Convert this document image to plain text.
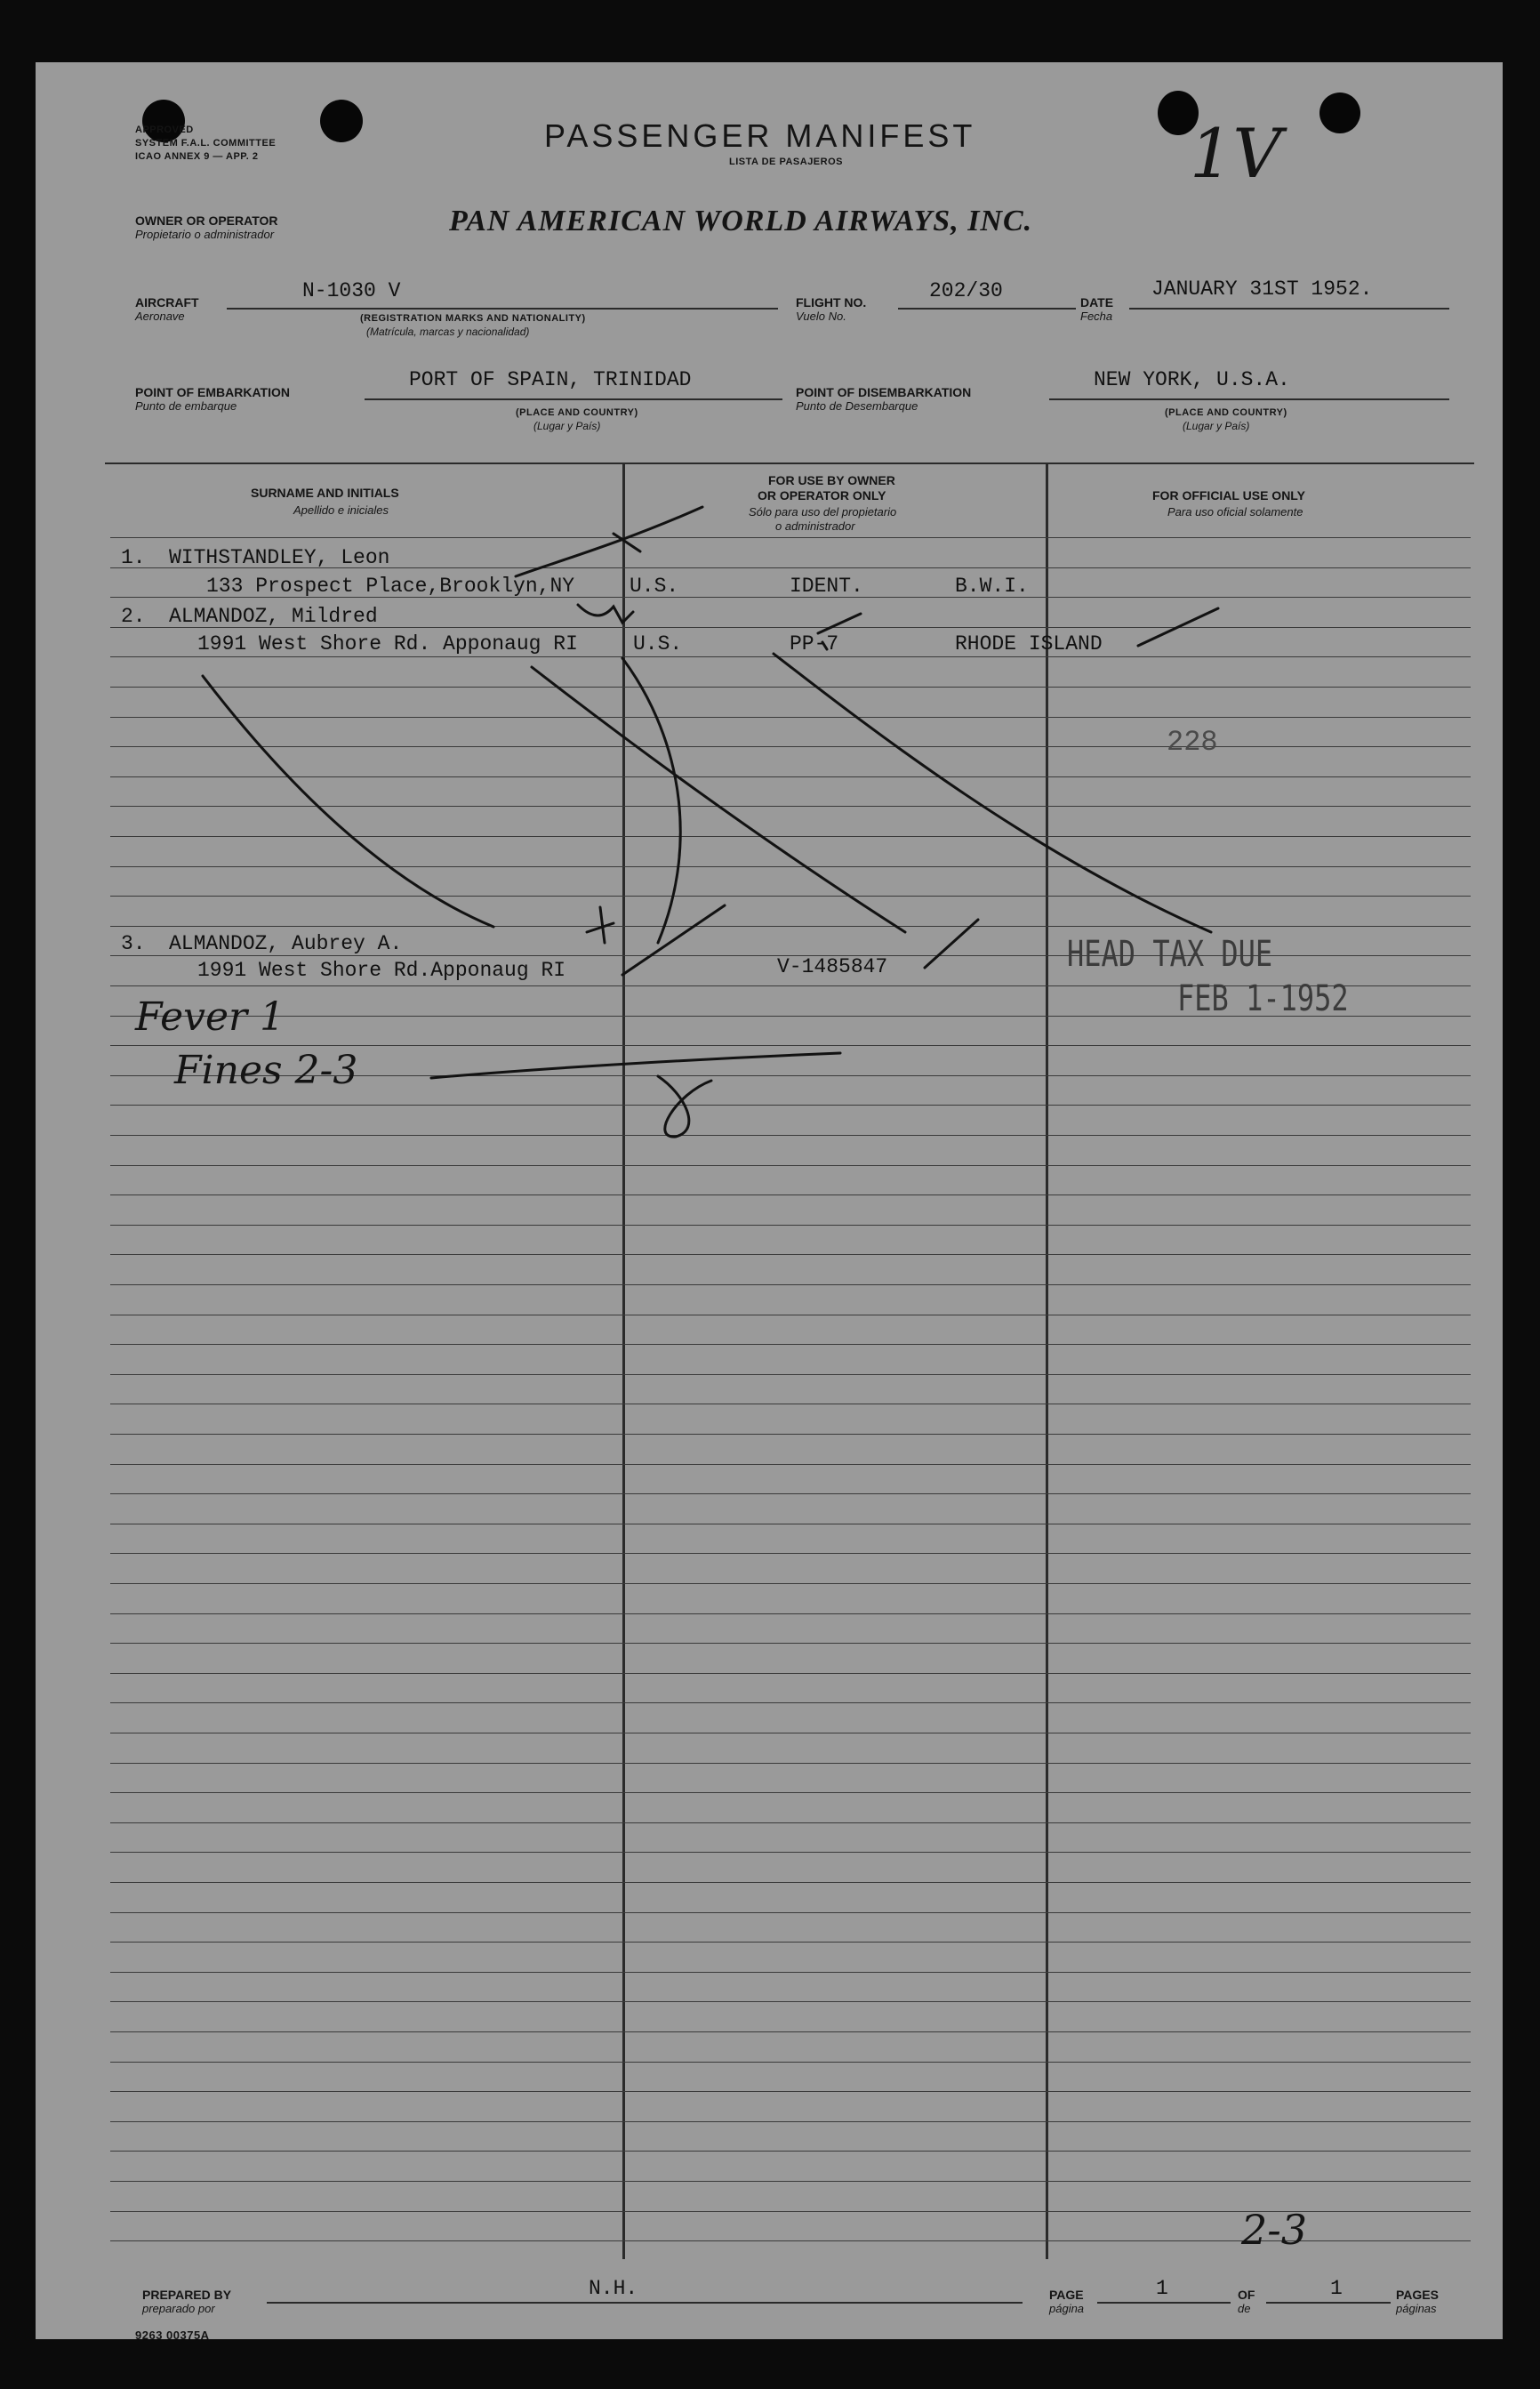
APPROVED
SYSTEM F.A.L. COMMITTEE
ICAO ANNEX 9 — APP. 2
PASSENGER MANIFEST
LISTA DE PASAJEROS	1V
OWNER OR OPERATOR
Propietario o administrador	PAN AMERICAN WORLD AIRWAYS, INC.
AIRCRAFT
Aeronave
N-1030 V
(REGISTRATION MARKS AND NATIONALITY)
(Matrícula, marcas y nacionalidad)
FLIGHT NO.
Vuelo No.
202/30	DATE
Fecha
JANUARY 31ST 1952.
POINT OF EMBARKATION
Punto de embarque
PORT OF SPAIN, TRINIDAD
(PLACE AND COUNTRY)
(Lugar y País)
POINT OF DISEMBARKATION
Punto de Desembarque
NEW YORK, U.S.A.
(PLACE AND COUNTRY)
(Lugar y País)
SURNAME AND INITIALS
Apellido e iniciales
FOR USE BY OWNER
OR OPERATOR ONLY
Sólo para uso del propietario
o administrador
FOR OFFICIAL USE ONLY
Para uso oficial solamente
1. WITHSTANDLEY, Leon
133 Prospect Place,Brooklyn,NY	U.S.	IDENT.	B.W.I.
2. ALMANDOZ, Mildred
1991 West Shore Rd. Apponaug RI	U.S.	PP-7	RHODE ISLAND
3. ALMANDOZ, Aubrey A.
1991 West Shore Rd.Apponaug RI	V-1485847
228
HEAD TAX DUE
FEB 1-1952
Fever 1
Fines 2-3
2-3
PREPARED BY
preparado por
N.H.	PAGE
página
1	OF
de
1	PAGES
páginas
9263 00375A
